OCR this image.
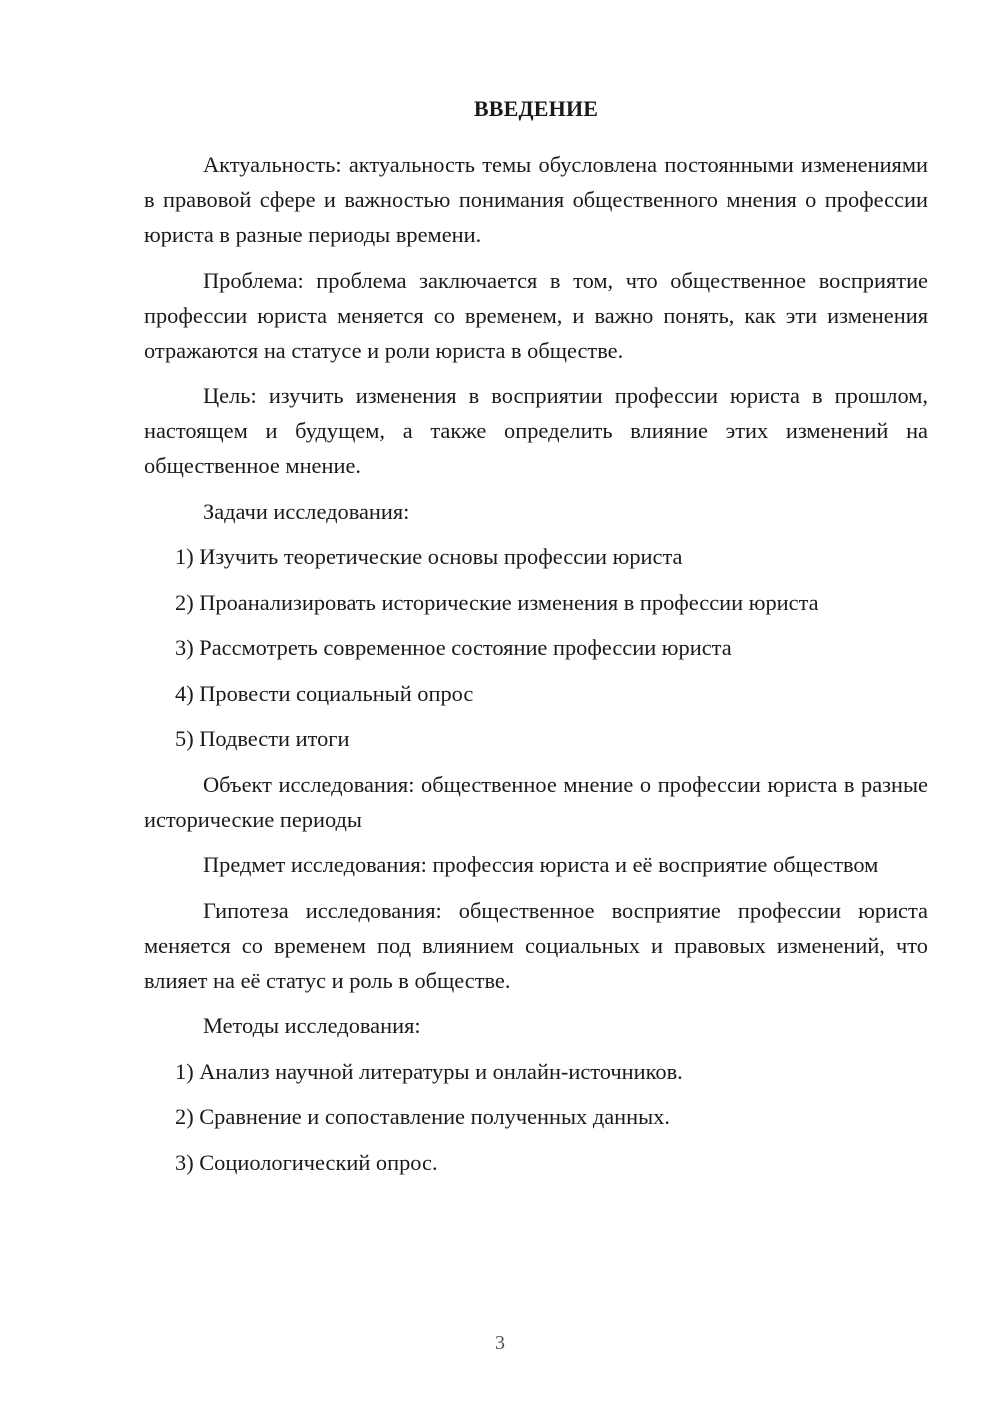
ВВЕДЕНИЕ

Актуальность: актуальность темы обусловлена постоянными изменениями в правовой сфере и важностью понимания общественного мнения о профессии юриста в разные периоды времени.

Проблема: проблема заключается в том, что общественное восприятие профессии юриста меняется со временем, и важно понять, как эти изменения отражаются на статусе и роли юриста в обществе.

Цель: изучить изменения в восприятии профессии юриста в прошлом, настоящем и будущем, а также определить влияние этих изменений на общественное мнение.

Задачи исследования:

1) Изучить теоретические основы профессии юриста

2) Проанализировать исторические изменения в профессии юриста

3) Рассмотреть современное состояние профессии юриста

4) Провести социальный опрос

5) Подвести итоги

Объект исследования: общественное мнение о профессии юриста в разные исторические периоды

Предмет исследования: профессия юриста и её восприятие обществом

Гипотеза исследования: общественное восприятие профессии юриста меняется со временем под влиянием социальных и правовых изменений, что влияет на её статус и роль в обществе.

Методы исследования:

1) Анализ научной литературы и онлайн-источников.

2) Сравнение и сопоставление полученных данных.

3) Социологический опрос.

3
